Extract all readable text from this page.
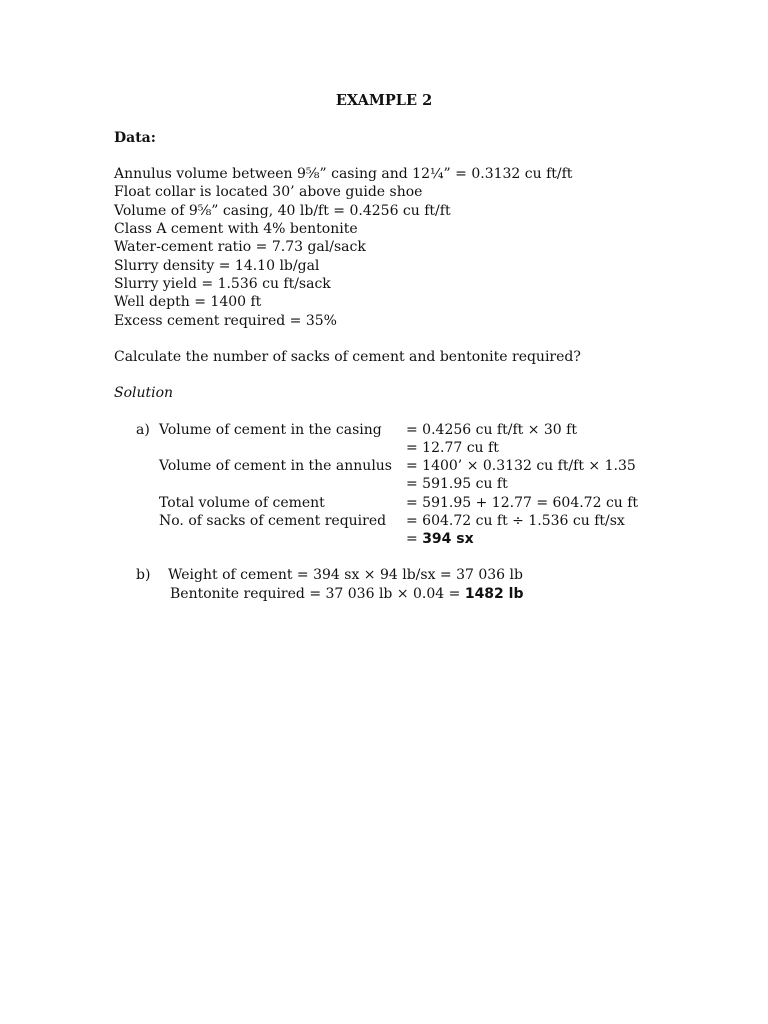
EXAMPLE 2
Data:
Annulus volume between 9⅝” casing and 12¼” = 0.3132 cu ft/ft
Float collar is located 30’ above guide shoe
Volume of 9⅝” casing, 40 lb/ft = 0.4256 cu ft/ft
Class A cement with 4% bentonite
Water-cement ratio = 7.73 gal/sack
Slurry density = 14.10 lb/gal
Slurry yield = 1.536 cu ft/sack
Well depth = 1400 ft
Excess cement required = 35%
Calculate the number of sacks of cement and bentonite required?
Solution
a) Volume of cement in the casing = 0.4256 cu ft/ft × 30 ft
= 12.77 cu ft
Volume of cement in the annulus = 1400’ × 0.3132 cu ft/ft × 1.35
= 591.95 cu ft
Total volume of cement	= 591.95 + 12.77 = 604.72 cu ft
No. of sacks of cement required = 604.72 cu ft ÷ 1.536 cu ft/sx
= 394 sx
b) Weight of cement = 394 sx × 94 lb/sx = 37 036 lb
Bentonite required = 37 036 lb × 0.04 = 1482 lb
